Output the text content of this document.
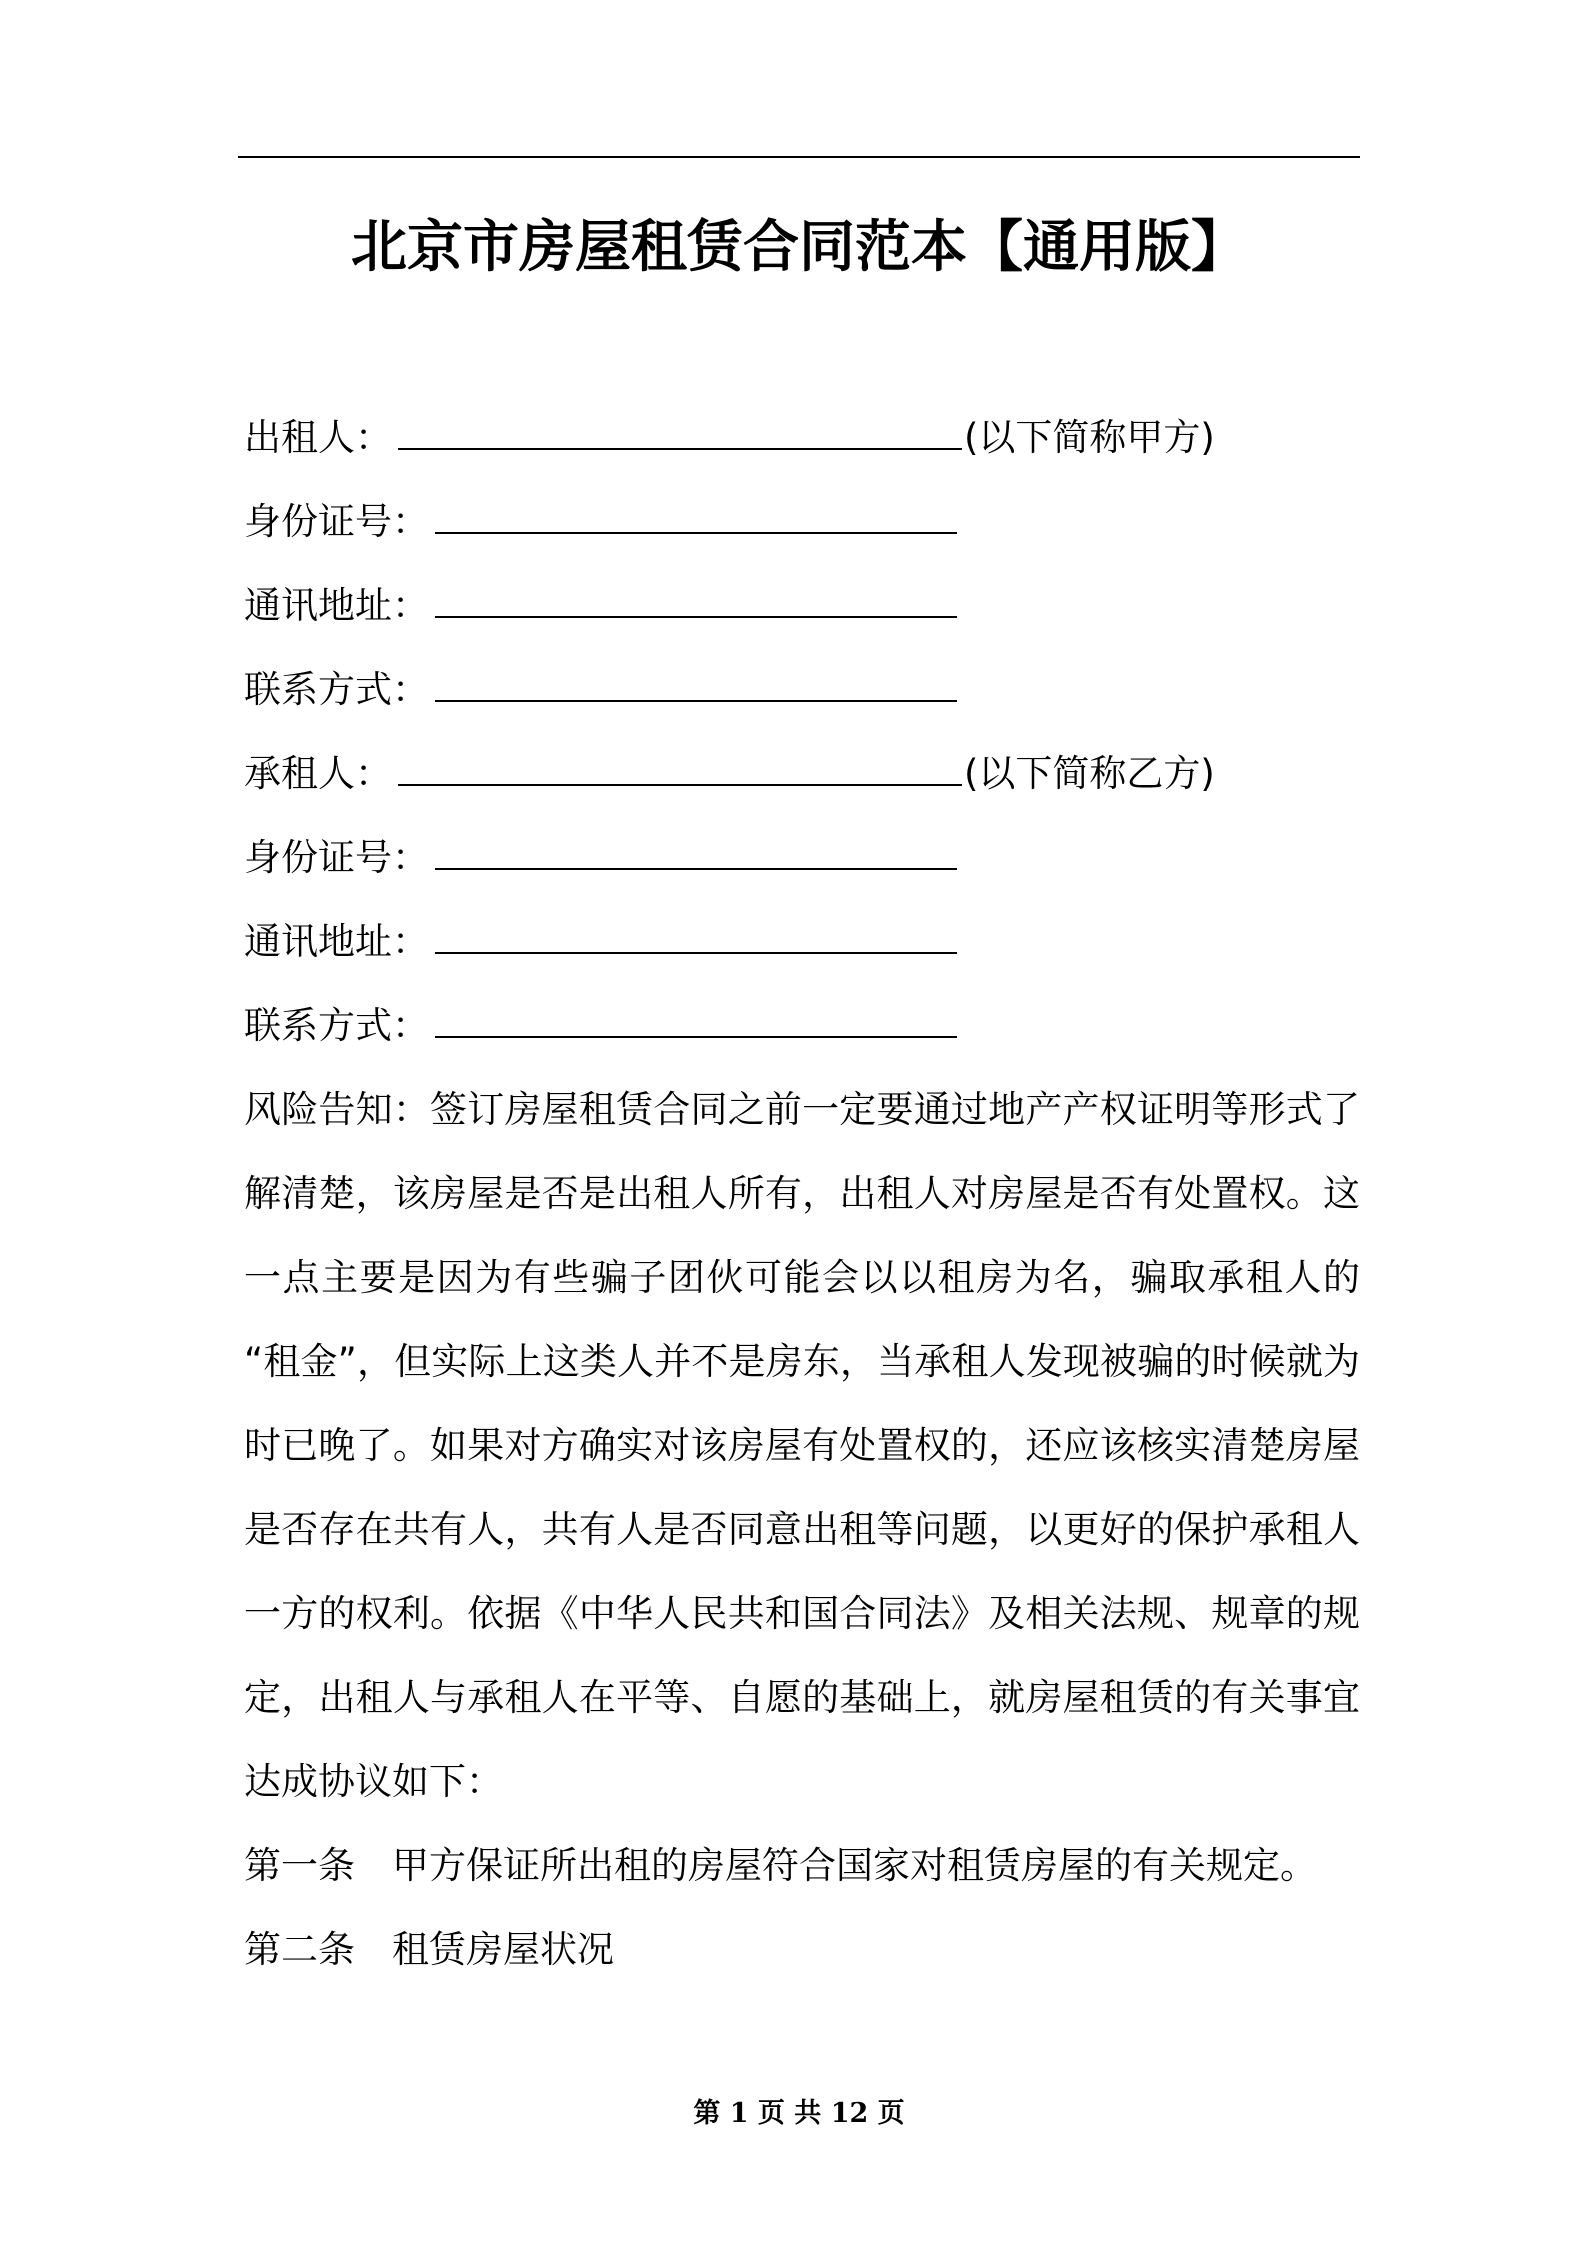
北京市房屋租赁合同范本【通用版】
出租人：	(以下简称甲方)
身份证号：
通讯地址：
联系方式：
承租人：	(以下简称乙方)
身份证号：
通讯地址：
联系方式：

风险告知：签订房屋租赁合同之前一定要通过地产产权证明等形式了解清楚，该房屋是否是出租人所有，出租人对房屋是否有处置权。这一点主要是因为有些骗子团伙可能会以以租房为名，骗取承租人的 “租金”，但实际上这类人并不是房东，当承租人发现被骗的时候就为时已晚了。如果对方确实对该房屋有处置权的，还应该核实清楚房屋是否存在共有人，共有人是否同意出租等问题，以更好的保护承租人一方的权利。依据《中华人民共和国合同法》及相关法规、规章的规定，出租人与承租人在平等、自愿的基础上，就房屋租赁的有关事宜达成协议如下：

第一条 甲方保证所出租的房屋符合国家对租赁房屋的有关规定。
第二条 租赁房屋状况
第 1 页 共 12 页
